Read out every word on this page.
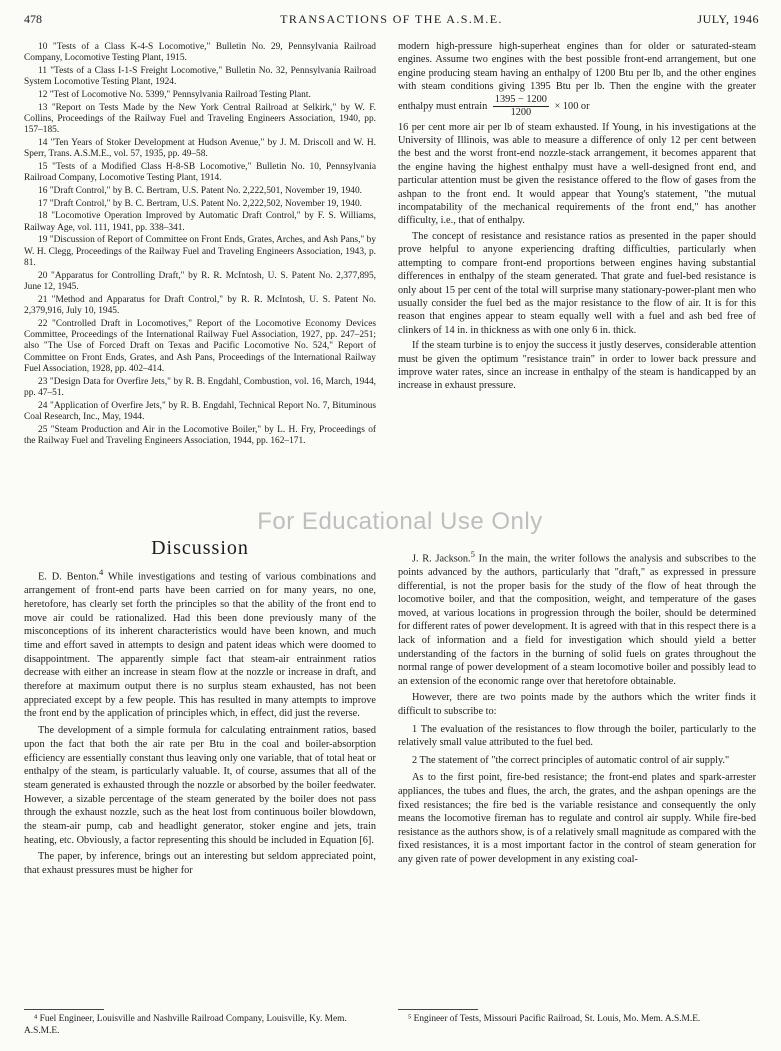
478	TRANSACTIONS OF THE A.S.M.E.	JULY, 1946

10 "Tests of a Class K-4-S Locomotive," Bulletin No. 29, Pennsylvania Railroad Company, Locomotive Testing Plant, 1915.

11 "Tests of a Class I-1-S Freight Locomotive," Bulletin No. 32, Pennsylvania Railroad System Locomotive Testing Plant, 1924.

12 "Test of Locomotive No. 5399," Pennsylvania Railroad Testing Plant.

13 "Report on Tests Made by the New York Central Railroad at Selkirk," by W. F. Collins, Proceedings of the Railway Fuel and Traveling Engineers Association, 1940, pp. 157–185.

14 "Ten Years of Stoker Development at Hudson Avenue," by J. M. Driscoll and W. H. Sperr, Trans. A.S.M.E., vol. 57, 1935, pp. 49–58.

15 "Tests of a Modified Class H-8-SB Locomotive," Bulletin No. 10, Pennsylvania Railroad Company, Locomotive Testing Plant, 1914.

16 "Draft Control," by B. C. Bertram, U.S. Patent No. 2,222,501, November 19, 1940.

17 "Draft Control," by B. C. Bertram, U.S. Patent No. 2,222,502, November 19, 1940.

18 "Locomotive Operation Improved by Automatic Draft Control," by F. S. Williams, Railway Age, vol. 111, 1941, pp. 338–341.

19 "Discussion of Report of Committee on Front Ends, Grates, Arches, and Ash Pans," by W. H. Clegg, Proceedings of the Railway Fuel and Traveling Engineers Association, 1943, p. 81.

20 "Apparatus for Controlling Draft," by R. R. McIntosh, U. S. Patent No. 2,377,895, June 12, 1945.

21 "Method and Apparatus for Draft Control," by R. R. McIntosh, U. S. Patent No. 2,379,916, July 10, 1945.

22 "Controlled Draft in Locomotives," Report of the Locomotive Economy Devices Committee, Proceedings of the International Railway Fuel Association, 1927, pp. 247–251; also "The Use of Forced Draft on Texas and Pacific Locomotive No. 524," Report of Committee on Front Ends, Grates, and Ash Pans, Proceedings of the International Railway Fuel Association, 1928, pp. 402–414.

23 "Design Data for Overfire Jets," by R. B. Engdahl, Combustion, vol. 16, March, 1944, pp. 47–51.

24 "Application of Overfire Jets," by R. B. Engdahl, Technical Report No. 7, Bituminous Coal Research, Inc., May, 1944.

25 "Steam Production and Air in the Locomotive Boiler," by L. H. Fry, Proceedings of the Railway Fuel and Traveling Engineers Association, 1944, pp. 162–171.

modern high-pressure high-superheat engines than for older or saturated-steam engines. Assume two engines with the best possible front-end arrangement, but one engine producing steam having an enthalpy of 1200 Btu per lb, and the other engines with steam conditions giving 1395 Btu per lb. Then the engine with the greater enthalpy must entrain $\frac{1395 - 1200}{1200} \times 100$ or

16 per cent more air per lb of steam exhausted. If Young, in his investigations at the University of Illinois, was able to measure a difference of only 12 per cent between the best and the worst front-end nozzle-stack arrangement, it becomes apparent that the engine having the highest enthalpy must have a well-designed front end, and particular attention must be given the resistance offered to the flow of gases from the ashpan to the front end. It would appear that Young's statement, "the mutual incompatability of the mechanical requirements of the front end," has another difficulty, i.e., that of enthalpy.

The concept of resistance and resistance ratios as presented in the paper should prove helpful to anyone experiencing drafting difficulties, particularly when attempting to compare front-end proportions between engines having substantial differences in enthalpy of the steam generated. That grate and fuel-bed resistance is only about 15 per cent of the total will surprise many stationary-power-plant men who usually consider the fuel bed as the major resistance to the flow of air. It is for this reason that engines appear to steam equally well with a fuel and ash bed free of clinkers of 14 in. in thickness as with one only 6 in. thick.

If the steam turbine is to enjoy the success it justly deserves, considerable attention must be given the optimum "resistance train" in order to lower back pressure and improve water rates, since an increase in enthalpy of the steam is handicapped by an increase in exhaust pressure.

For Educational Use Only
Discussion

E. D. Benton.$^4$ While investigations and testing of various combinations and arrangement of front-end parts have been carried on for many years, no one, heretofore, has clearly set forth the principles so that the ability of the front end to move air could be rationalized. Had this been done previously many of the misconceptions of its inherent characteristics would have been known, and much time and effort saved in attempts to design and patent ideas which were doomed to disappointment. The apparently simple fact that steam-air entrainment ratios decrease with either an increase in steam flow at the nozzle or increase in draft, and therefore at maximum output there is no surplus steam exhausted, has not been appreciated except by a few people. This has resulted in many attempts to improve the front end by the application of principles which, in effect, did just the reverse.

The development of a simple formula for calculating entrainment ratios, based upon the fact that both the air rate per Btu in the coal and boiler-absorption efficiency are essentially constant thus leaving only one variable, that of total heat or enthalpy of the steam, is particularly valuable. It, of course, assumes that all of the steam generated is exhausted through the nozzle or absorbed by the boiler feedwater. However, a sizable percentage of the steam generated by the boiler does not pass through the exhaust nozzle, such as the heat lost from continuous boiler blowdown, the steam-air pump, cab and headlight generator, stoker engine and jets, train heating, etc. Obviously, a factor representing this should be included in Equation [6].

The paper, by inference, brings out an interesting but seldom appreciated point, that exhaust pressures must be higher for

J. R. Jackson.$^5$ In the main, the writer follows the analysis and subscribes to the points advanced by the authors, particularly that "draft," as expressed in pressure differential, is not the proper basis for the study of the flow of heat through the locomotive boiler, and that the composition, weight, and temperature of the gases moved, at various locations in progression through the boiler, should be determined for different rates of power development. It is agreed with that in this respect there is a lack of information and a field for investigation which should yield a better understanding of the factors in the burning of solid fuels on grates throughout the normal range of power development of a steam locomotive boiler and possibly lead to an extension of the economic range over that heretofore obtainable.

However, there are two points made by the authors which the writer finds it difficult to subscribe to:

1 The evaluation of the resistances to flow through the boiler, particularly to the relatively small value attributed to the fuel bed.

2 The statement of "the correct principles of automatic control of air supply."

As to the first point, fire-bed resistance; the front-end plates and spark-arrester appliances, the tubes and flues, the arch, the grates, and the ashpan openings are the fixed resistances; the fire bed is the variable resistance and consequently the only means the locomotive fireman has to regulate and control air supply. While fire-bed resistance as the authors show, is of a relatively small magnitude as compared with the fixed resistances, it is a most important factor in the control of steam generation for any given rate of power development in any existing coal-

⁴ Fuel Engineer, Louisville and Nashville Railroad Company, Louisville, Ky. Mem. A.S.M.E.
⁵ Engineer of Tests, Missouri Pacific Railroad, St. Louis, Mo. Mem. A.S.M.E.
